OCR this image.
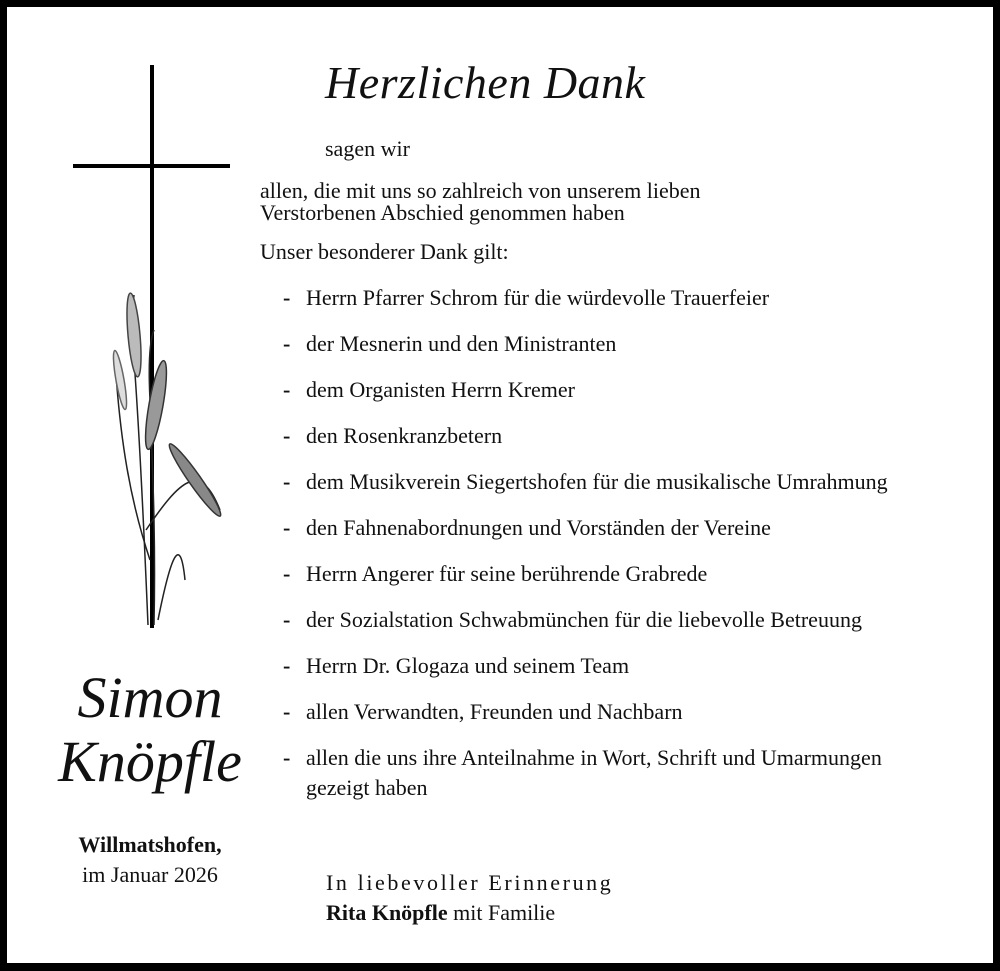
Herzlichen Dank
sagen wir
allen, die mit uns so zahlreich von unserem lieben
Verstorbenen Abschied genommen haben
Unser besonderer Dank gilt:
- Herrn Pfarrer Schrom für die würdevolle Trauerfeier
- der Mesnerin und den Ministranten
- dem Organisten Herrn Kremer
- den Rosenkranzbetern
- dem Musikverein Siegertshofen für die musikalische Umrahmung
- den Fahnenabordnungen und Vorständen der Vereine
- Herrn Angerer für seine berührende Grabrede
- der Sozialstation Schwabmünchen für die liebevolle Betreuung
- Herrn Dr. Glogaza und seinem Team
- allen Verwandten, Freunden und Nachbarn
- allen die uns ihre Anteilnahme in Wort, Schrift und Umarmungen gezeigt haben
Simon
Knöpfle
Willmatshofen,
im Januar 2026	In liebevoller Erinnerung
Rita Knöpfle mit Familie
